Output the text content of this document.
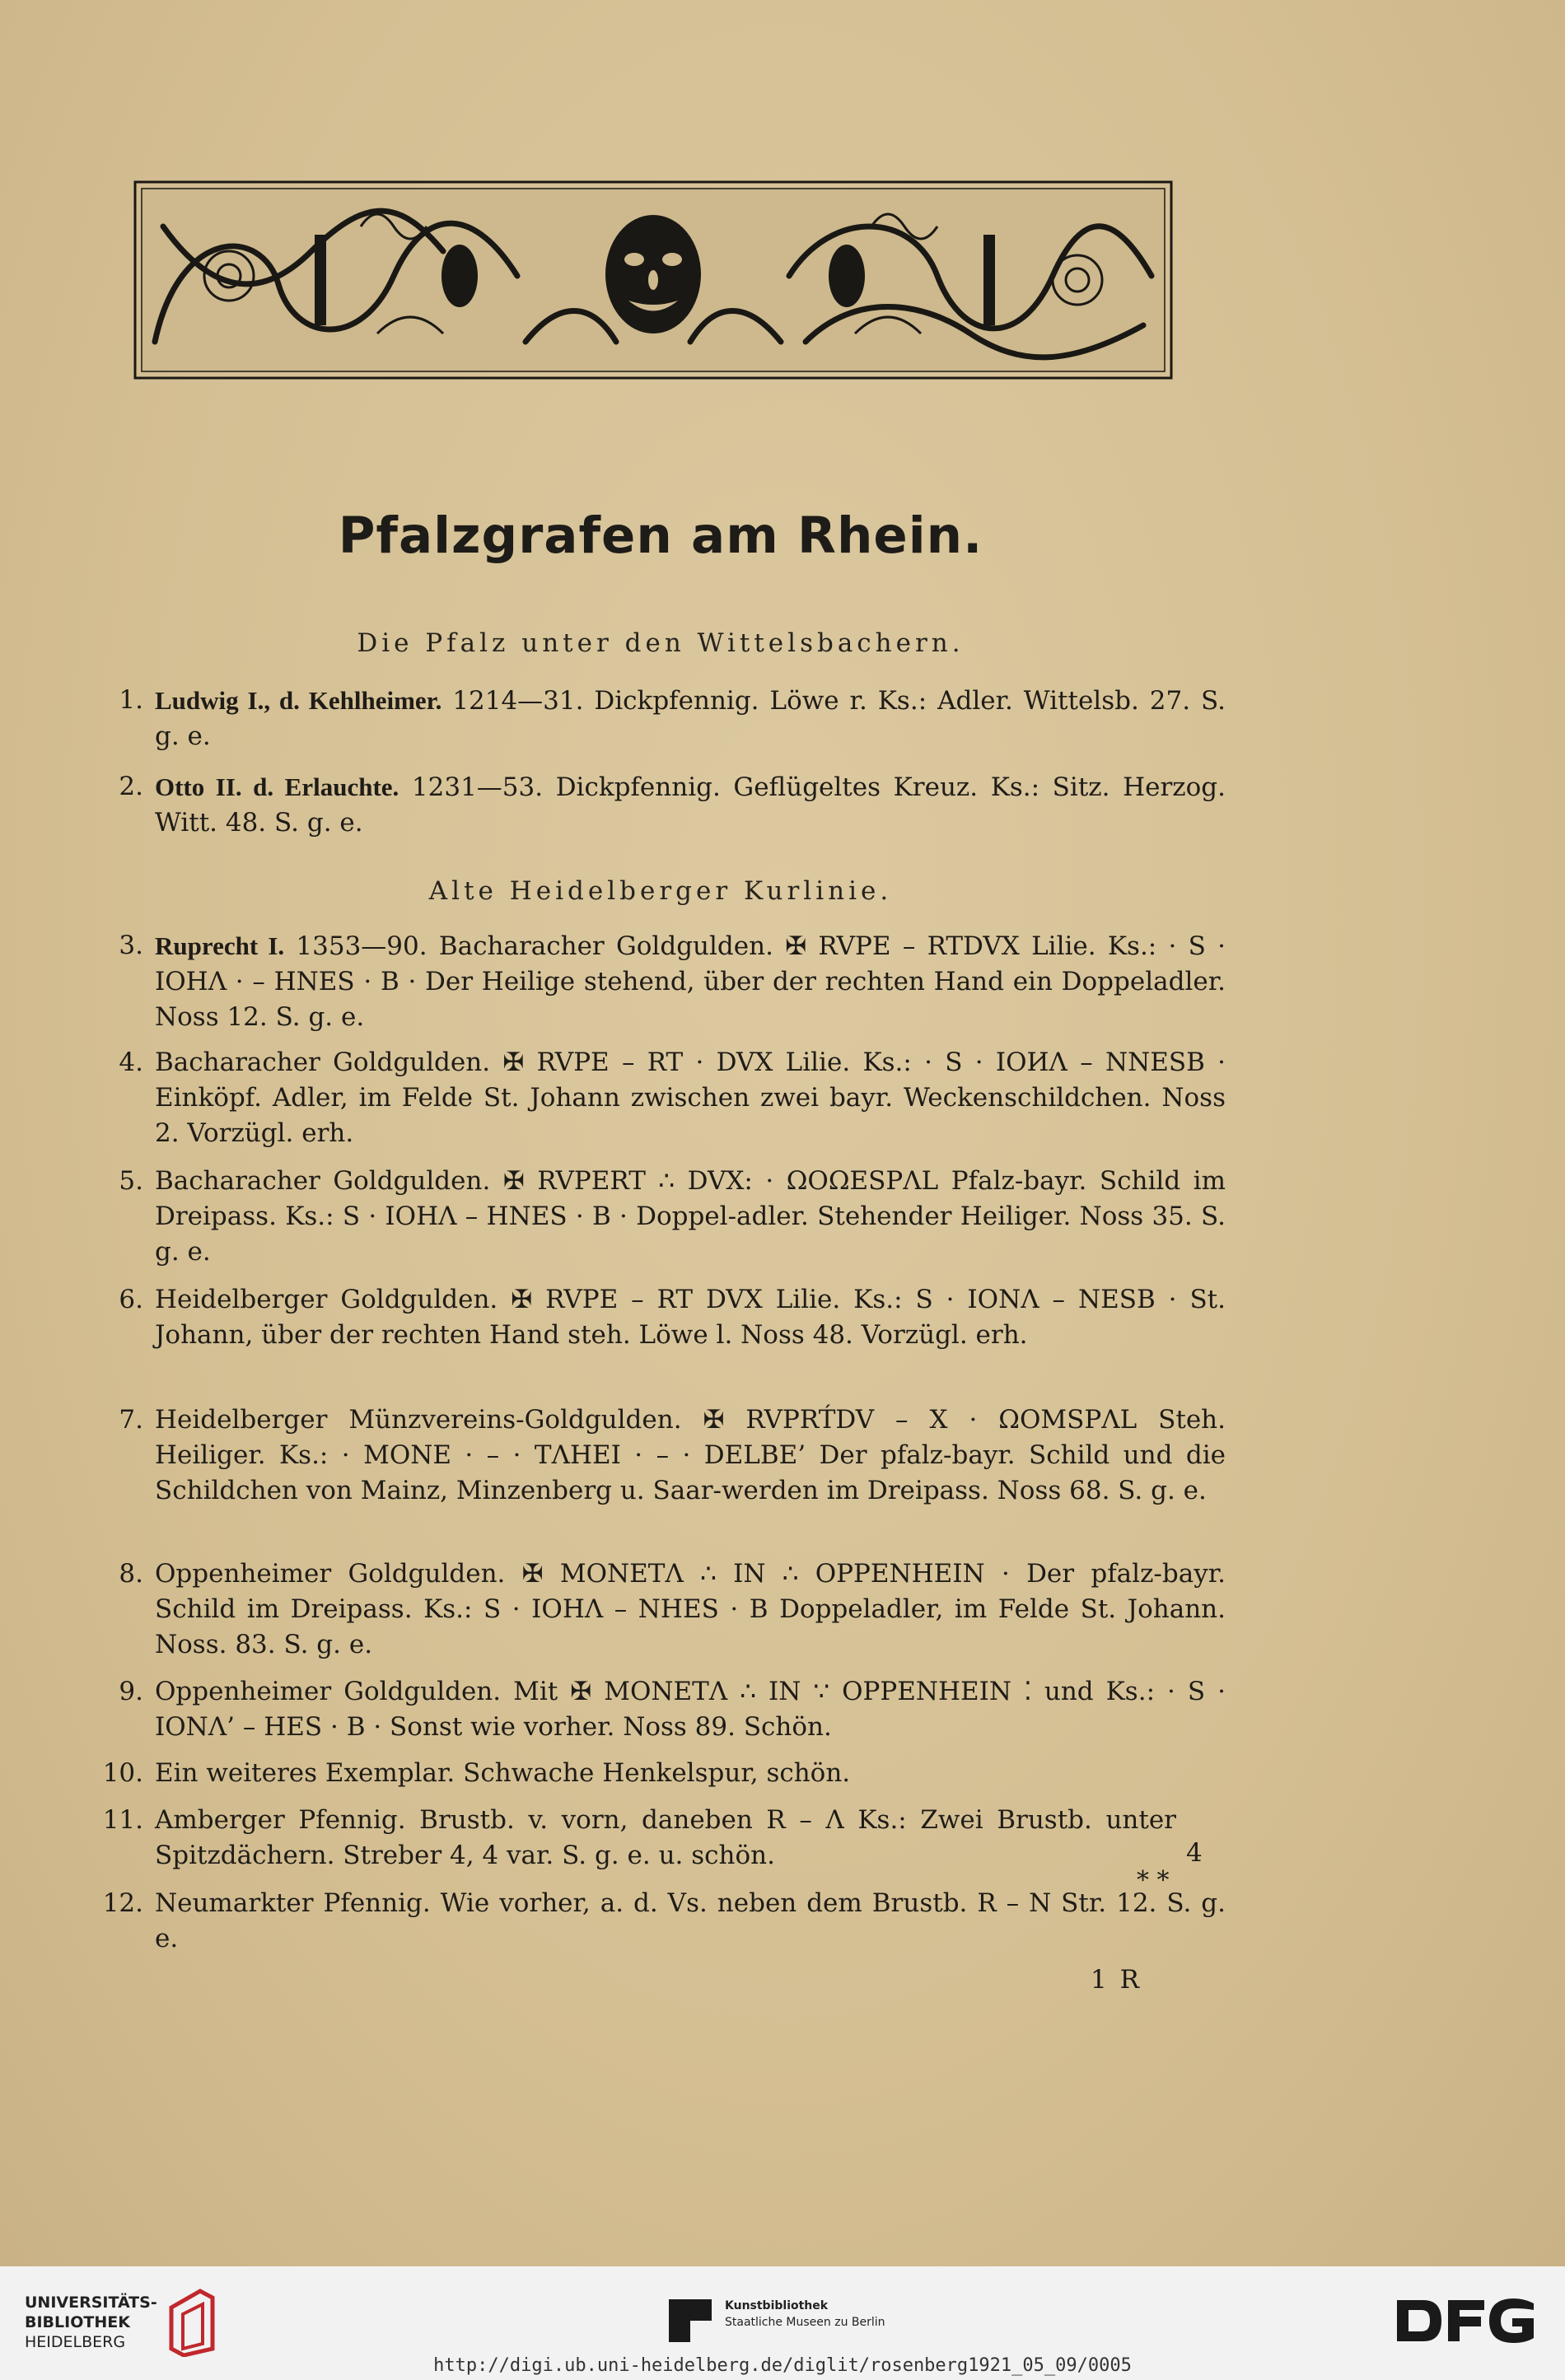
Pfalzgrafen am Rhein.
Die Pfalz unter den Wittelsbachern.
1. Ludwig I., d. Kehlheimer. 1214—31. Dickpfennig. Löwe r. Ks.: Adler. Wittelsb. 27. S. g. e.
2. Otto II. d. Erlauchte. 1231—53. Dickpfennig. Geflügeltes Kreuz. Ks.: Sitz. Herzog. Witt. 48. S. g. e.
Alte Heidelberger Kurlinie.
3. Ruprecht I. 1353—90. Bacharacher Goldgulden. ✠ RVPE – RTDVX Lilie. Ks.: · S · IOHΛ · – HNES · B · Der Heilige stehend, über der rechten Hand ein Doppeladler. Noss 12. S. g. e.
4. Bacharacher Goldgulden. ✠ RVPE – RT · DVX Lilie. Ks.: · S · IOИΛ – NNESB · Einköpf. Adler, im Felde St. Johann zwischen zwei bayr. Weckenschildchen. Noss 2. Vorzügl. erh.
5. Bacharacher Goldgulden. ✠ RVPERT ∴ DVX: · ΩOΩESPΛL Pfalz-bayr. Schild im Dreipass. Ks.: S · IOHΛ – HNES · B · Doppel-adler. Stehender Heiliger. Noss 35. S. g. e.
6. Heidelberger Goldgulden. ✠ RVPE – RT DVX Lilie. Ks.: S · IONΛ – NESB · St. Johann, über der rechten Hand steh. Löwe l. Noss 48. Vorzügl. erh.
7. Heidelberger Münzvereins-Goldgulden. ✠ RVPRT́DV – X · ΩOMSPΛL Steh. Heiliger. Ks.: · MONE · – · TΛHEI · – · DELBE’ Der pfalz-bayr. Schild und die Schildchen von Mainz, Minzenberg u. Saar-werden im Dreipass. Noss 68. S. g. e.
8. Oppenheimer Goldgulden. ✠ MONETΛ ∴ IN ∴ OPPENHEIN · Der pfalz-bayr. Schild im Dreipass. Ks.: S · IOHΛ – NHES · B Doppeladler, im Felde St. Johann. Noss. 83. S. g. e.
9. Oppenheimer Goldgulden. Mit ✠ MONETΛ ∴ IN ∵ OPPENHEIN ⁚ und Ks.: · S · IONΛ’ – HES · B · Sonst wie vorher. Noss 89. Schön.
10. Ein weiteres Exemplar. Schwache Henkelspur, schön.
11. Amberger Pfennig. Brustb. v. vorn, daneben R – Λ Ks.: Zwei Brustb. unter Spitzdächern. Streber 4, 4 var. S. g. e. u. schön.	4
* *
12. Neumarkter Pfennig. Wie vorher, a. d. Vs. neben dem Brustb. R – N Str. 12. S. g. e.
1 R
UNIVERSITÄTS-
BIBLIOTHEK
HEIDELBERG
Kunstbibliothek
Staatliche Museen zu Berlin
http://digi.ub.uni-heidelberg.de/diglit/rosenberg1921_05_09/0005
